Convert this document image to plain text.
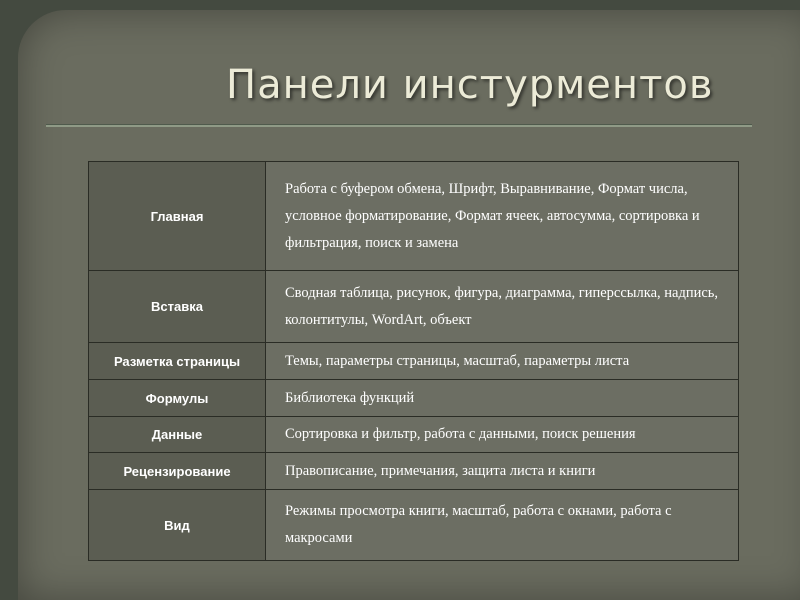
Панели инстурментов
Главная	Работа с буфером обмена, Шрифт, Выравнивание, Формат числа, условное форматирование, Формат ячеек, автосумма, сортировка и фильтрация, поиск и замена
Вставка	Сводная таблица, рисунок, фигура, диаграмма, гиперссылка, надпись, колонтитулы, WordArt, объект
Разметка страницы	Темы, параметры страницы, масштаб, параметры листа
Формулы	Библиотека функций
Данные	Сортировка и фильтр, работа с данными, поиск решения
Рецензирование	Правописание, примечания, защита листа и книги
Вид	Режимы просмотра книги, масштаб, работа с окнами, работа с макросами
